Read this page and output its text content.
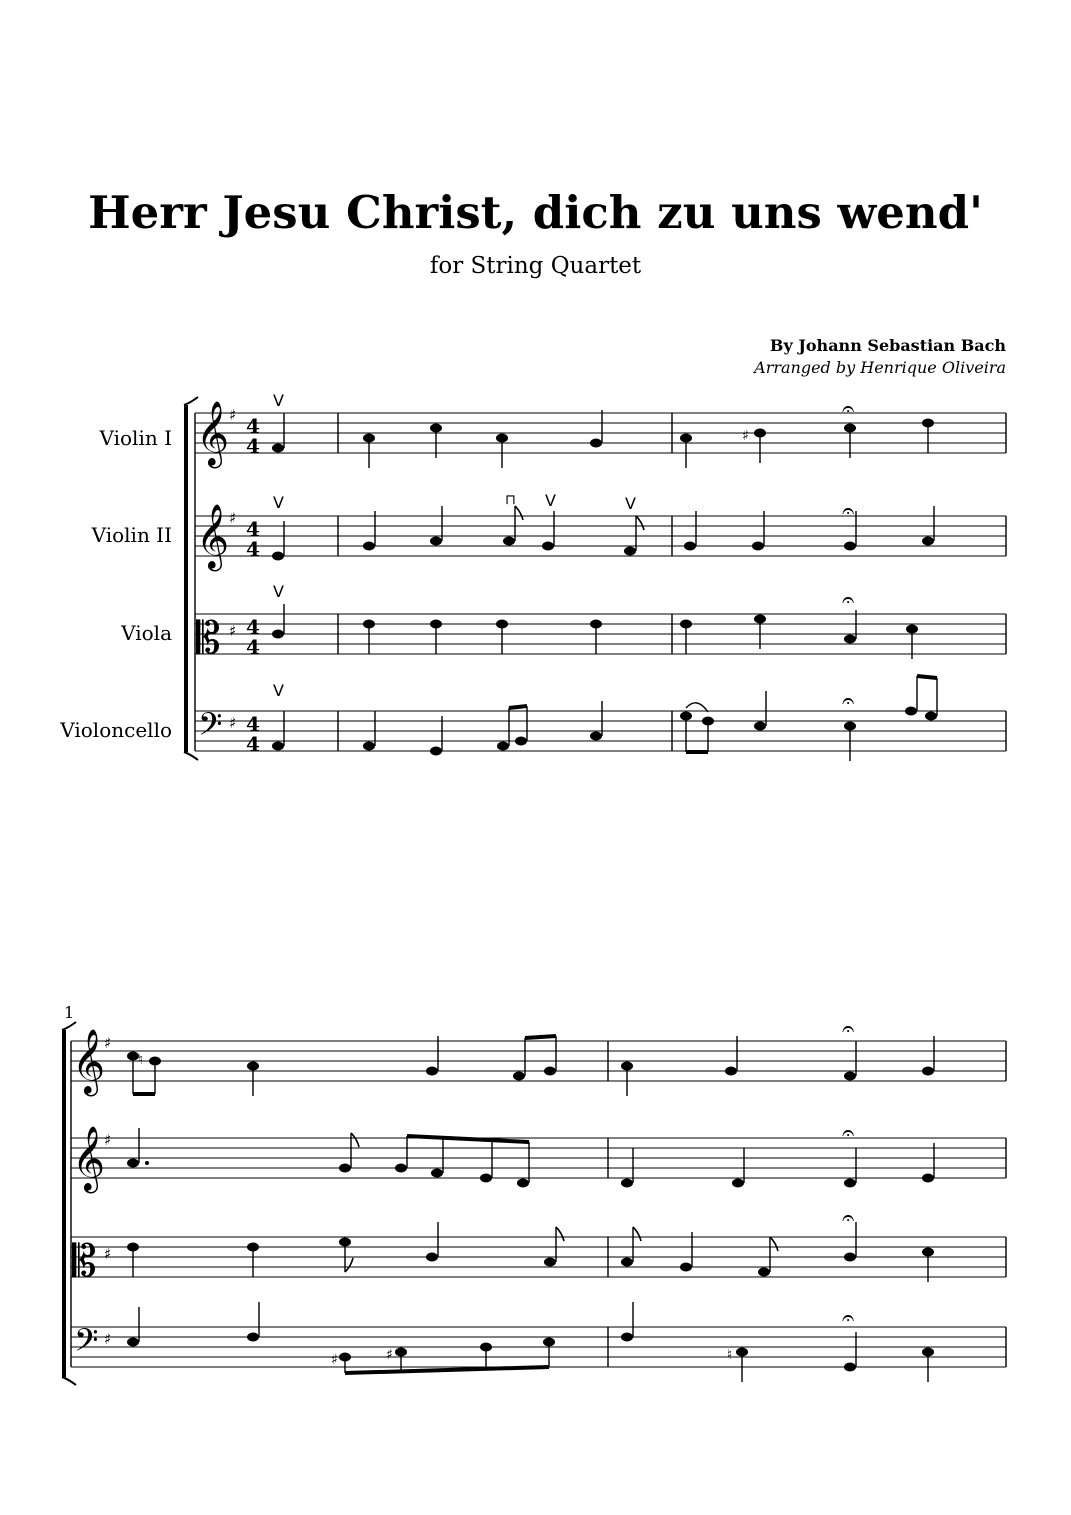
Herr Jesu Christ, dich zu uns wend'
for String Quartet
By Johann Sebastian Bach
Arranged by Henrique Oliveira
Violin I
Violin II
Viola
Violoncello
1
𝄞
𝄞
𝄡
𝄢
♯
♯
♯
♯
4
4
4
4
4
4
4
4
V
V
V
V
V	V
⊓
♯
𝄐
𝄐
𝄐
𝄐
𝄞
𝄞
𝄡
𝄢
♯
♯
♯
♯
♮
𝄐
𝄐
𝄐
♯	♯	♮
𝄐
